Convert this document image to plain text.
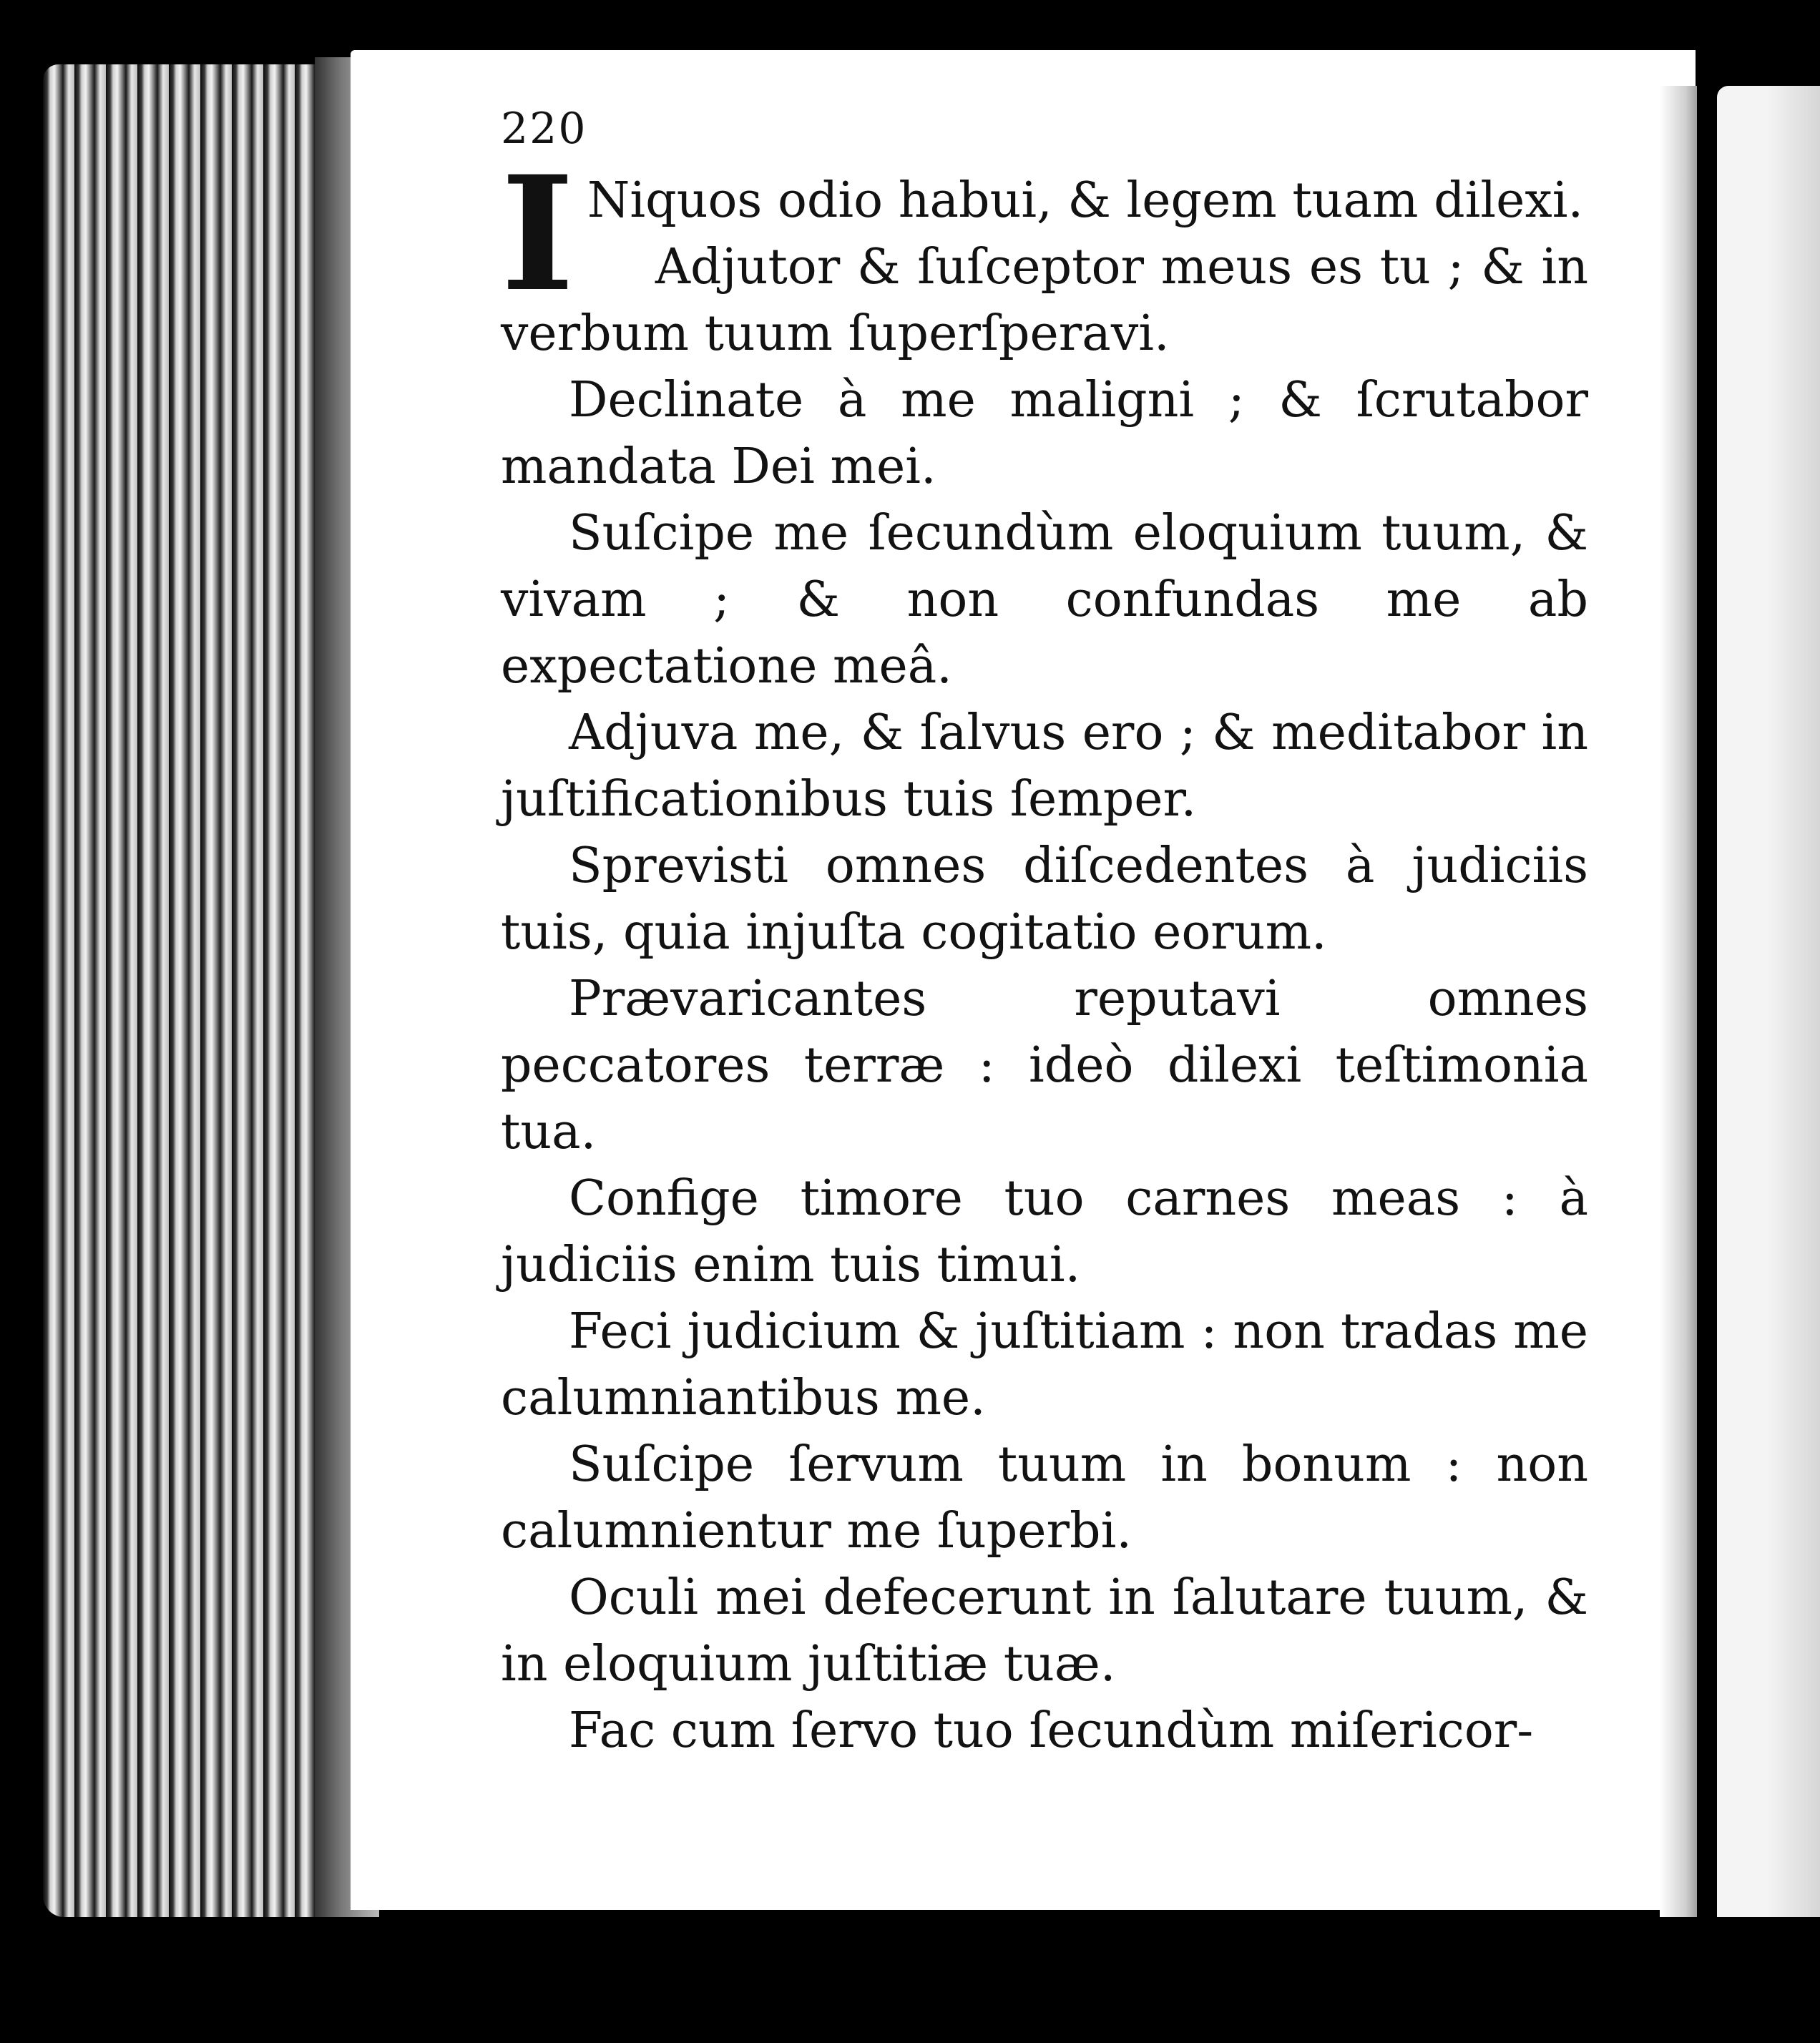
220

I Niquos odio habui, & legem tuam dilexi.

Adjutor & ſuſceptor meus es tu ; & in verbum tuum ſuperſperavi.

Declinate à me maligni ; & ſcrutabor mandata Dei mei.

Suſcipe me ſecundùm eloquium tuum, & vivam ; & non confundas me ab expectatione meâ.

Adjuva me, & ſalvus ero ; & meditabor in juſtificationibus tuis ſemper.

Sprevisti omnes diſcedentes à judiciis tuis, quia injuſta cogitatio eorum.

Prævaricantes reputavi omnes peccatores terræ : ideò dilexi teſtimonia tua.

Confige timore tuo carnes meas : à judiciis enim tuis timui.

Feci judicium & juſtitiam : non tradas me calumniantibus me.

Suſcipe ſervum tuum in bonum : non calumnientur me ſuperbi.

Oculi mei defecerunt in ſalutare tuum, & in eloquium juſtitiæ tuæ.

Fac cum ſervo tuo ſecundùm miſericor-
